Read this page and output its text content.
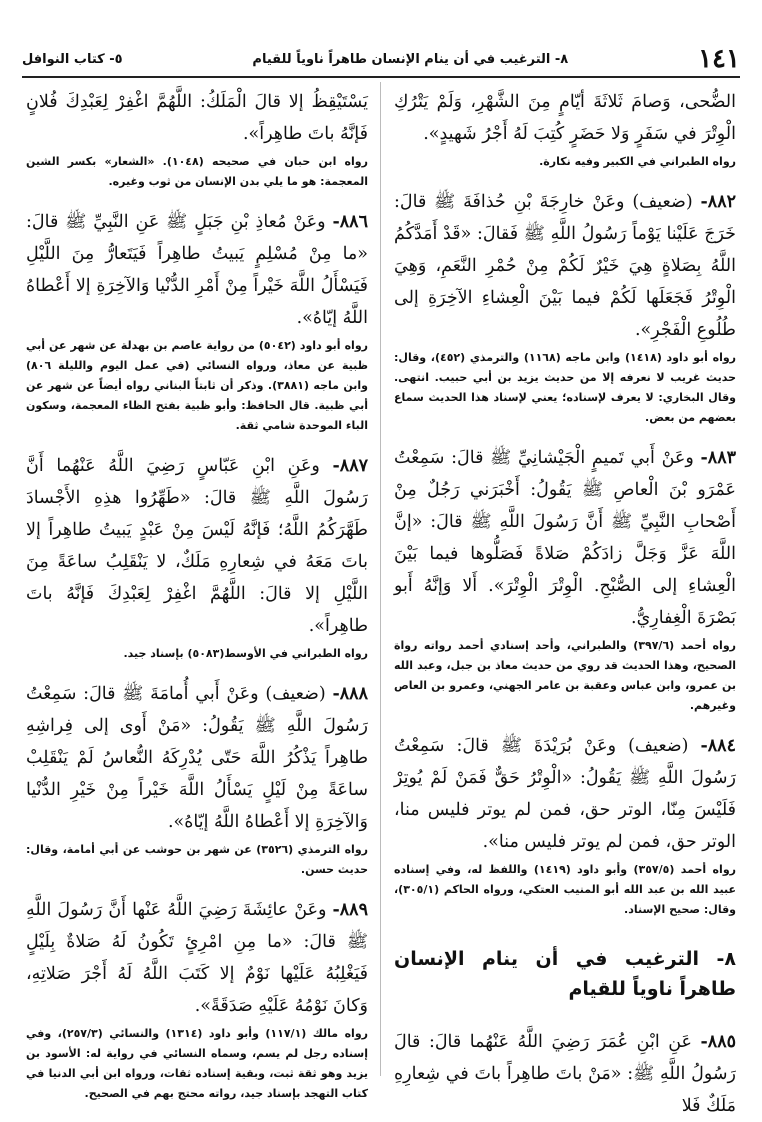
١٤١
٨- الترغيب في أن ينام الإنسان طاهراً ناوياً للقيام
٥- كتاب النوافل

الضُّحى، وَصامَ ثَلاثَةَ أيّامٍ مِنَ الشَّهْرِ، وَلَمْ يَتْرُكِ الْوِتْرَ في سَفَرٍ وَلا حَضَرٍ كُتِبَ لَهُ أَجْرُ شَهيدٍ».

رواه الطبراني في الكبير وفيه نكارة.

٨٨٢- (ضعيف) وعَنْ خارِجَةَ بْنِ حُذافَةَ ﷺ قالَ: خَرَجَ عَلَيْنا يَوْماً رَسُولُ اللَّهِ ﷺ فَقالَ: «قَدْ أَمَدَّكُمُ اللَّهُ بِصَلاةٍ هِيَ خَيْرٌ لَكُمْ مِنْ حُمْرِ النَّعَمِ، وَهِيَ الْوِتْرُ فَجَعَلَها لَكُمْ فيما بَيْنَ الْعِشاءِ الآخِرَةِ إلى طُلُوعِ الْفَجْرِ».

رواه أبو داود (١٤١٨) وابن ماجه (١١٦٨) والترمذي (٤٥٢)، وقال: حديث غريب لا نعرفه إلا من حديث يزيد بن أبي حبيب. انتهى. وقال البخاري: لا يعرف لإسناده؛ يعني لإسناد هذا الحديث سماع بعضهم من بعض.

٨٨٣- وعَنْ أَبي تَميمٍ الْجَيْشانِيِّ ﷺ قالَ: سَمِعْتُ عَمْرَو بْنَ الْعاصِ ﷺ يَقُولُ: أَخْبَرَني رَجُلٌ مِنْ أَصْحابِ النَّبِيِّ ﷺ أَنَّ رَسُولَ اللَّهِ ﷺ قالَ: «إنَّ اللَّهَ عَزَّ وَجَلَّ زادَكُمْ صَلاةً فَصَلُّوها فيما بَيْنَ الْعِشاءِ إلى الصُّبْحِ. الْوِتْرَ الْوِتْرَ». أَلا وَإنَّهُ أَبو بَصْرَةَ الْغِفارِيُّ.

رواه أحمد (٣٩٧/٦) والطبراني، وأحد إسنادي أحمد رواته رواة الصحيح، وهذا الحديث قد روي من حديث معاذ بن جبل، وعبد الله بن عمرو، وابن عباس وعقبة بن عامر الجهني، وعمرو بن العاص وغيرهم.

٨٨٤- (ضعيف) وعَنْ بُرَيْدَةَ ﷺ قالَ: سَمِعْتُ رَسُولَ اللَّهِ ﷺ يَقُولُ: «الْوِتْرُ حَقٌّ فَمَنْ لَمْ يُوتِرْ فَلَيْسَ مِنّا، الوتر حق، فمن لم يوتر فليس منا، الوتر حق، فمن لم يوتر فليس منا».

رواه أحمد (٣٥٧/٥) وأبو داود (١٤١٩) واللفظ له، وفي إسناده عبيد الله بن عبد الله أبو المنيب العتكي، ورواه الحاكم (٣٠٥/١)، وقال: صحيح الإسناد.

٨- الترغيب في أن ينام الإنسان طاهراً ناوياً للقيام

٨٨٥- عَنِ ابْنِ عُمَرَ رَضِيَ اللَّهُ عَنْهُما قالَ: قالَ رَسُولُ اللَّهِ ﷺ: «مَنْ باتَ طاهِراً باتَ في شِعارِهِ مَلَكٌ فَلا

يَسْتَيْقِظُ إلا قالَ الْمَلَكُ: اللَّهُمَّ اغْفِرْ لِعَبْدِكَ فُلانٍ فَإنَّهُ باتَ طاهِراً».

رواه ابن حبان في صحيحه (١٠٤٨). «الشعار» بكسر الشين المعجمة: هو ما يلي بدن الإنسان من ثوب وغيره.

٨٨٦- وعَنْ مُعاذِ بْنِ جَبَلٍ ﷺ عَنِ النَّبِيِّ ﷺ قالَ: «ما مِنْ مُسْلِمٍ يَبيتُ طاهِراً فَيَتَعارُّ مِنَ اللَّيْلِ فَيَسْأَلُ اللَّهَ خَيْراً مِنْ أَمْرِ الدُّنْيا وَالآخِرَةِ إلا أَعْطاهُ اللَّهُ إيّاهُ».

رواه أبو داود (٥٠٤٢) من رواية عاصم بن بهدلة عن شهر عن أبي ظبية عن معاذ، ورواه النسائي (في عمل اليوم والليلة ٨٠٦) وابن ماجه (٣٨٨١). وذكر أن ثابتاً البناني رواه أيضاً عن شهر عن أبي ظبية. قال الحافظ: وأبو ظبية بفتح الظاء المعجمة، وسكون الباء الموحدة شامي ثقة.

٨٨٧- وعَنِ ابْنِ عَبّاسٍ رَضِيَ اللَّهُ عَنْهُما أَنَّ رَسُولَ اللَّهِ ﷺ قالَ: «طَهِّرُوا هذِهِ الأَجْسادَ طَهَّرَكُمُ اللَّهُ؛ فَإنَّهُ لَيْسَ مِنْ عَبْدٍ يَبيتُ طاهِراً إلا باتَ مَعَهُ في شِعارِهِ مَلَكٌ، لا يَنْقَلِبُ ساعَةً مِنَ اللَّيْلِ إلا قالَ: اللَّهُمَّ اغْفِرْ لِعَبْدِكَ فَإنَّهُ باتَ طاهِراً».

رواه الطبراني في الأوسط(٥٠٨٣) بإسناد جيد.

٨٨٨- (ضعيف) وعَنْ أَبي أُمامَةَ ﷺ قالَ: سَمِعْتُ رَسُولَ اللَّهِ ﷺ يَقُولُ: «مَنْ أَوى إلى فِراشِهِ طاهِراً يَذْكُرُ اللَّهَ حَتّى يُدْرِكَهُ النُّعاسُ لَمْ يَنْقَلِبْ ساعَةً مِنْ لَيْلٍ يَسْأَلُ اللَّهَ خَيْراً مِنْ خَيْرِ الدُّنْيا وَالآخِرَةِ إلا أَعْطاهُ اللَّهُ إيّاهُ».

رواه الترمذي (٣٥٢٦) عن شهر بن حوشب عن أبي أمامة، وقال: حديث حسن.

٨٨٩- وعَنْ عائِشَةَ رَضِيَ اللَّهُ عَنْها أَنَّ رَسُولَ اللَّهِ ﷺ قالَ: «ما مِنِ امْرِئٍ تَكُونُ لَهُ صَلاةٌ بِلَيْلٍ فَيَغْلِبُهُ عَلَيْها نَوْمٌ إلا كَتَبَ اللَّهُ لَهُ أَجْرَ صَلاتِهِ، وَكانَ نَوْمُهُ عَلَيْهِ صَدَقَةً».

رواه مالك (١١٧/١) وأبو داود (١٣١٤) والنسائي (٢٥٧/٣)، وفي إسناده رجل لم يسم، وسماه النسائي في رواية له: الأسود بن يزيد وهو ثقة ثبت، وبقية إسناده ثقات، ورواه ابن أبي الدنيا في كتاب التهجد بإسناد جيد، رواته محتج بهم في الصحيح.
